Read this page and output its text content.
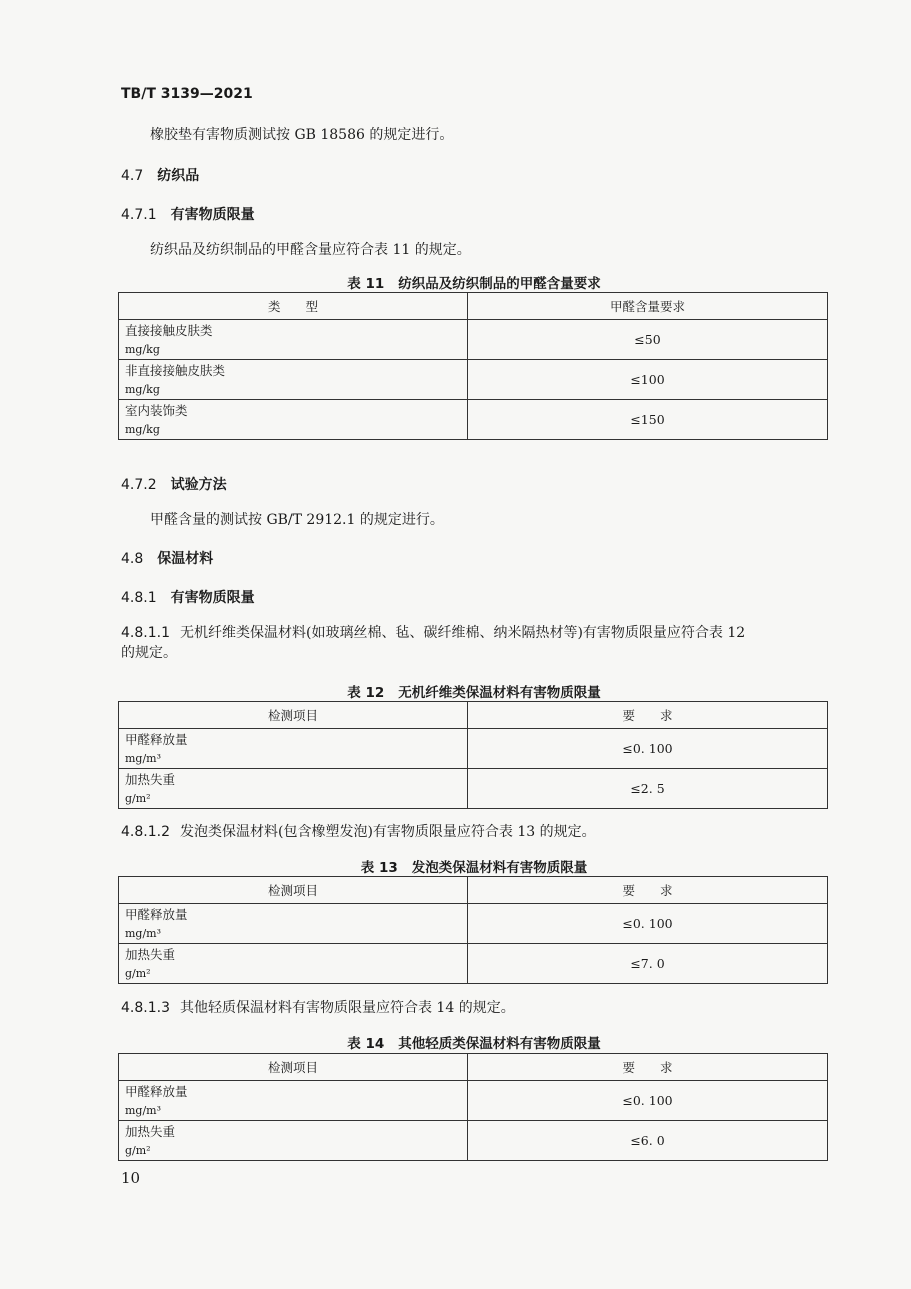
TB/T 3139—2021
橡胶垫有害物质测试按 GB 18586 的规定进行。
4.7 纺织品
4.7.1 有害物质限量
纺织品及纺织制品的甲醛含量应符合表 11 的规定。
表 11 纺织品及纺织制品的甲醛含量要求
类　　型	甲醛含量要求
直接接触皮肤类
mg/kg	≤50
非直接接触皮肤类
mg/kg	≤100
室内装饰类
mg/kg	≤150
4.7.2 试验方法
甲醛含量的测试按 GB/T 2912.1 的规定进行。
4.8 保温材料
4.8.1 有害物质限量
4.8.1.1 无机纤维类保温材料(如玻璃丝棉、毡、碳纤维棉、纳米隔热材等)有害物质限量应符合表 12
的规定。
表 12 无机纤维类保温材料有害物质限量
检测项目	要　　求
甲醛释放量
mg/m³	≤0. 100
加热失重
g/m²	≤2. 5
4.8.1.2 发泡类保温材料(包含橡塑发泡)有害物质限量应符合表 13 的规定。
表 13 发泡类保温材料有害物质限量
检测项目	要　　求
甲醛释放量
mg/m³	≤0. 100
加热失重
g/m²	≤7. 0
4.8.1.3 其他轻质保温材料有害物质限量应符合表 14 的规定。
表 14 其他轻质类保温材料有害物质限量
检测项目	要　　求
甲醛释放量
mg/m³	≤0. 100
加热失重
g/m²	≤6. 0
10
